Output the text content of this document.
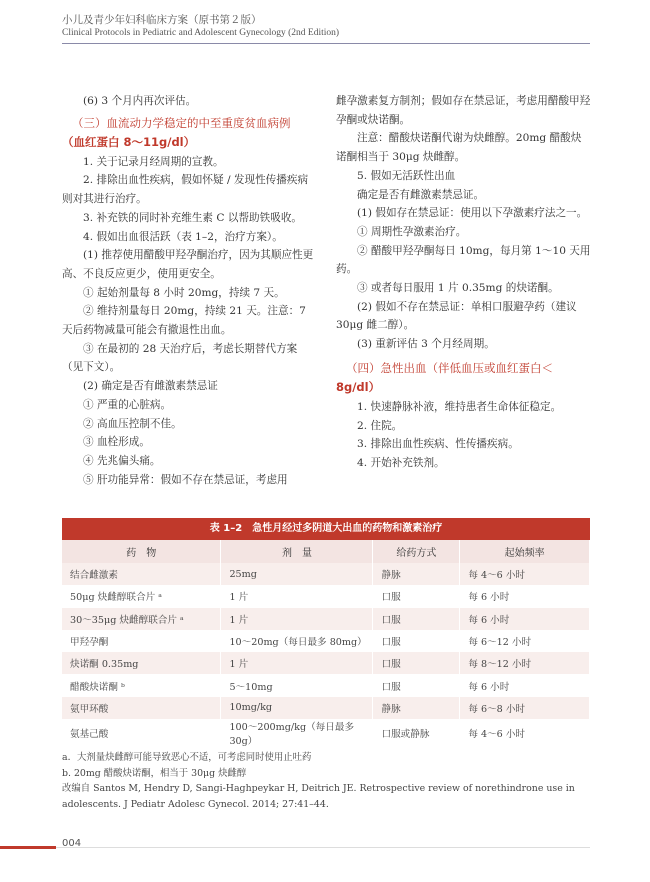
小儿及青少年妇科临床方案（原书第２版）
Clinical Protocols in Pediatric and Adolescent Gynecology (2nd Edition)

(6) 3 个月内再次评估。

（三）血流动力学稳定的中至重度贫血病例

（血红蛋白 8～11g/dl）

1. 关于记录月经周期的宣教。

2. 排除出血性疾病，假如怀疑 / 发现性传播疾病则对其进行治疗。

3. 补充铁的同时补充维生素 C 以帮助铁吸收。

4. 假如出血很活跃（表 1–2，治疗方案）。

(1) 推荐使用醋酸甲羟孕酮治疗，因为其顺应性更高、不良反应更少，使用更安全。

① 起始剂量每 8 小时 20mg，持续 7 天。

② 维持剂量每日 20mg，持续 21 天。注意：7 天后药物减量可能会有撤退性出血。

③ 在最初的 28 天治疗后，考虑长期替代方案（见下文）。

(2) 确定是否有雌激素禁忌证

① 严重的心脏病。

② 高血压控制不佳。

③ 血栓形成。

④ 先兆偏头痛。

⑤ 肝功能异常：假如不存在禁忌证，考虑用

雌孕激素复方制剂；假如存在禁忌证，考虑用醋酸甲羟孕酮或炔诺酮。

注意：醋酸炔诺酮代谢为炔雌醇。20mg 醋酸炔诺酮相当于 30μg 炔雌醇。

5. 假如无活跃性出血

确定是否有雌激素禁忌证。

(1) 假如存在禁忌证：使用以下孕激素疗法之一。

① 周期性孕激素治疗。

② 醋酸甲羟孕酮每日 10mg，每月第 1～10 天用药。

③ 或者每日服用 1 片 0.35mg 的炔诺酮。

(2) 假如不存在禁忌证：单相口服避孕药（建议 30μg 雌二醇）。

(3) 重新评估 3 个月经周期。

（四）急性出血（伴低血压或血红蛋白＜

8g/dl）

1. 快速静脉补液，维持患者生命体征稳定。

2. 住院。

3. 排除出血性疾病、性传播疾病。

4. 开始补充铁剂。

表 1–2　急性月经过多阴道大出血的药物和激素治疗
药　物	剂　量	给药方式	起始频率
结合雌激素	25mg	静脉	每 4～6 小时
50μg 炔雌醇联合片 ᵃ	1 片	口服	每 6 小时
30～35μg 炔雌醇联合片 ᵃ	1 片	口服	每 6 小时
甲羟孕酮	10～20mg（每日最多 80mg）	口服	每 6～12 小时
炔诺酮 0.35mg	1 片	口服	每 8～12 小时
醋酸炔诺酮 ᵇ	5～10mg	口服	每 6 小时
氨甲环酸	10mg/kg	静脉	每 6～8 小时
氨基己酸	100～200mg/kg（每日最多 30g）	口服或静脉	每 4～6 小时

a．大剂量炔雌醇可能导致恶心不适，可考虑同时使用止吐药

b. 20mg 醋酸炔诺酮，相当于 30μg 炔雌醇

改编自 Santos M, Hendry D, Sangi-Haghpeykar H, Deitrich JE. Retrospective review of norethindrone use in adolescents. J Pediatr Adolesc Gynecol. 2014; 27:41–44.

004
